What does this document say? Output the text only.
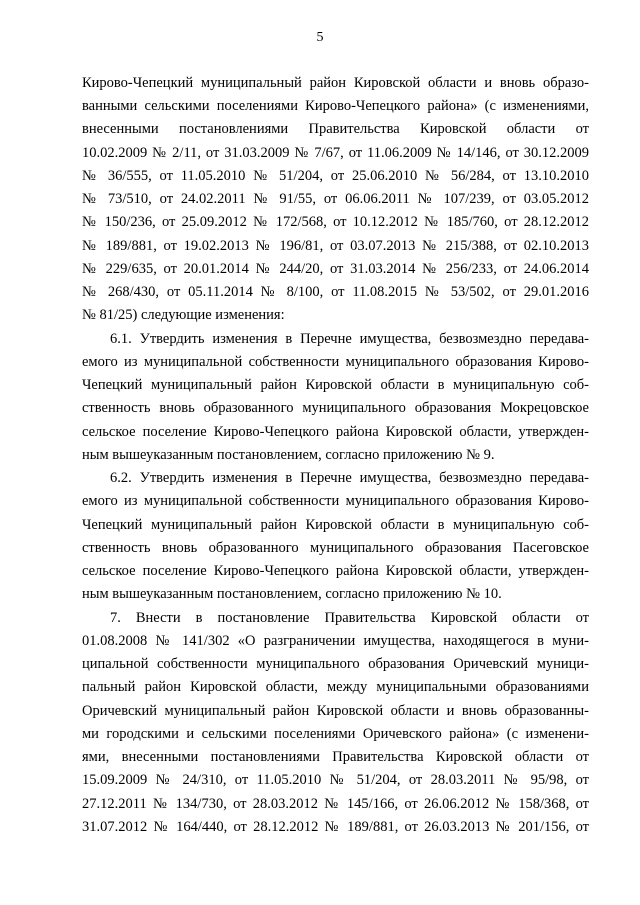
5
Кирово-Чепецкий муниципальный район Кировской области и вновь образо-
ванными сельскими поселениями Кирово-Чепецкого района» (с изменениями,
внесенными постановлениями Правительства Кировской области от
10.02.2009 № 2/11, от 31.03.2009 № 7/67, от 11.06.2009 № 14/146, от 30.12.2009
№ 36/555, от 11.05.2010 № 51/204, от 25.06.2010 № 56/284, от 13.10.2010
№ 73/510, от 24.02.2011 № 91/55, от 06.06.2011 № 107/239, от 03.05.2012
№ 150/236, от 25.09.2012 № 172/568, от 10.12.2012 № 185/760, от 28.12.2012
№ 189/881, от 19.02.2013 № 196/81, от 03.07.2013 № 215/388, от 02.10.2013
№ 229/635, от 20.01.2014 № 244/20, от 31.03.2014 № 256/233, от 24.06.2014
№ 268/430, от 05.11.2014 № 8/100, от 11.08.2015 № 53/502, от 29.01.2016
№ 81/25) следующие изменения:
6.1. Утвердить изменения в Перечне имущества, безвозмездно передава-
емого из муниципальной собственности муниципального образования Кирово-
Чепецкий муниципальный район Кировской области в муниципальную соб-
ственность вновь образованного муниципального образования Мокрецовское
сельское поселение Кирово-Чепецкого района Кировской области, утвержден-
ным вышеуказанным постановлением, согласно приложению № 9.
6.2. Утвердить изменения в Перечне имущества, безвозмездно передава-
емого из муниципальной собственности муниципального образования Кирово-
Чепецкий муниципальный район Кировской области в муниципальную соб-
ственность вновь образованного муниципального образования Пасеговское
сельское поселение Кирово-Чепецкого района Кировской области, утвержден-
ным вышеуказанным постановлением, согласно приложению № 10.
7. Внести в постановление Правительства Кировской области от
01.08.2008 № 141/302 «О разграничении имущества, находящегося в муни-
ципальной собственности муниципального образования Оричевский муници-
пальный район Кировской области, между муниципальными образованиями
Оричевский муниципальный район Кировской области и вновь образованны-
ми городскими и сельскими поселениями Оричевского района» (с изменени-
ями, внесенными постановлениями Правительства Кировской области от
15.09.2009 № 24/310, от 11.05.2010 № 51/204, от 28.03.2011 № 95/98, от
27.12.2011 № 134/730, от 28.03.2012 № 145/166, от 26.06.2012 № 158/368, от
31.07.2012 № 164/440, от 28.12.2012 № 189/881, от 26.03.2013 № 201/156, от
